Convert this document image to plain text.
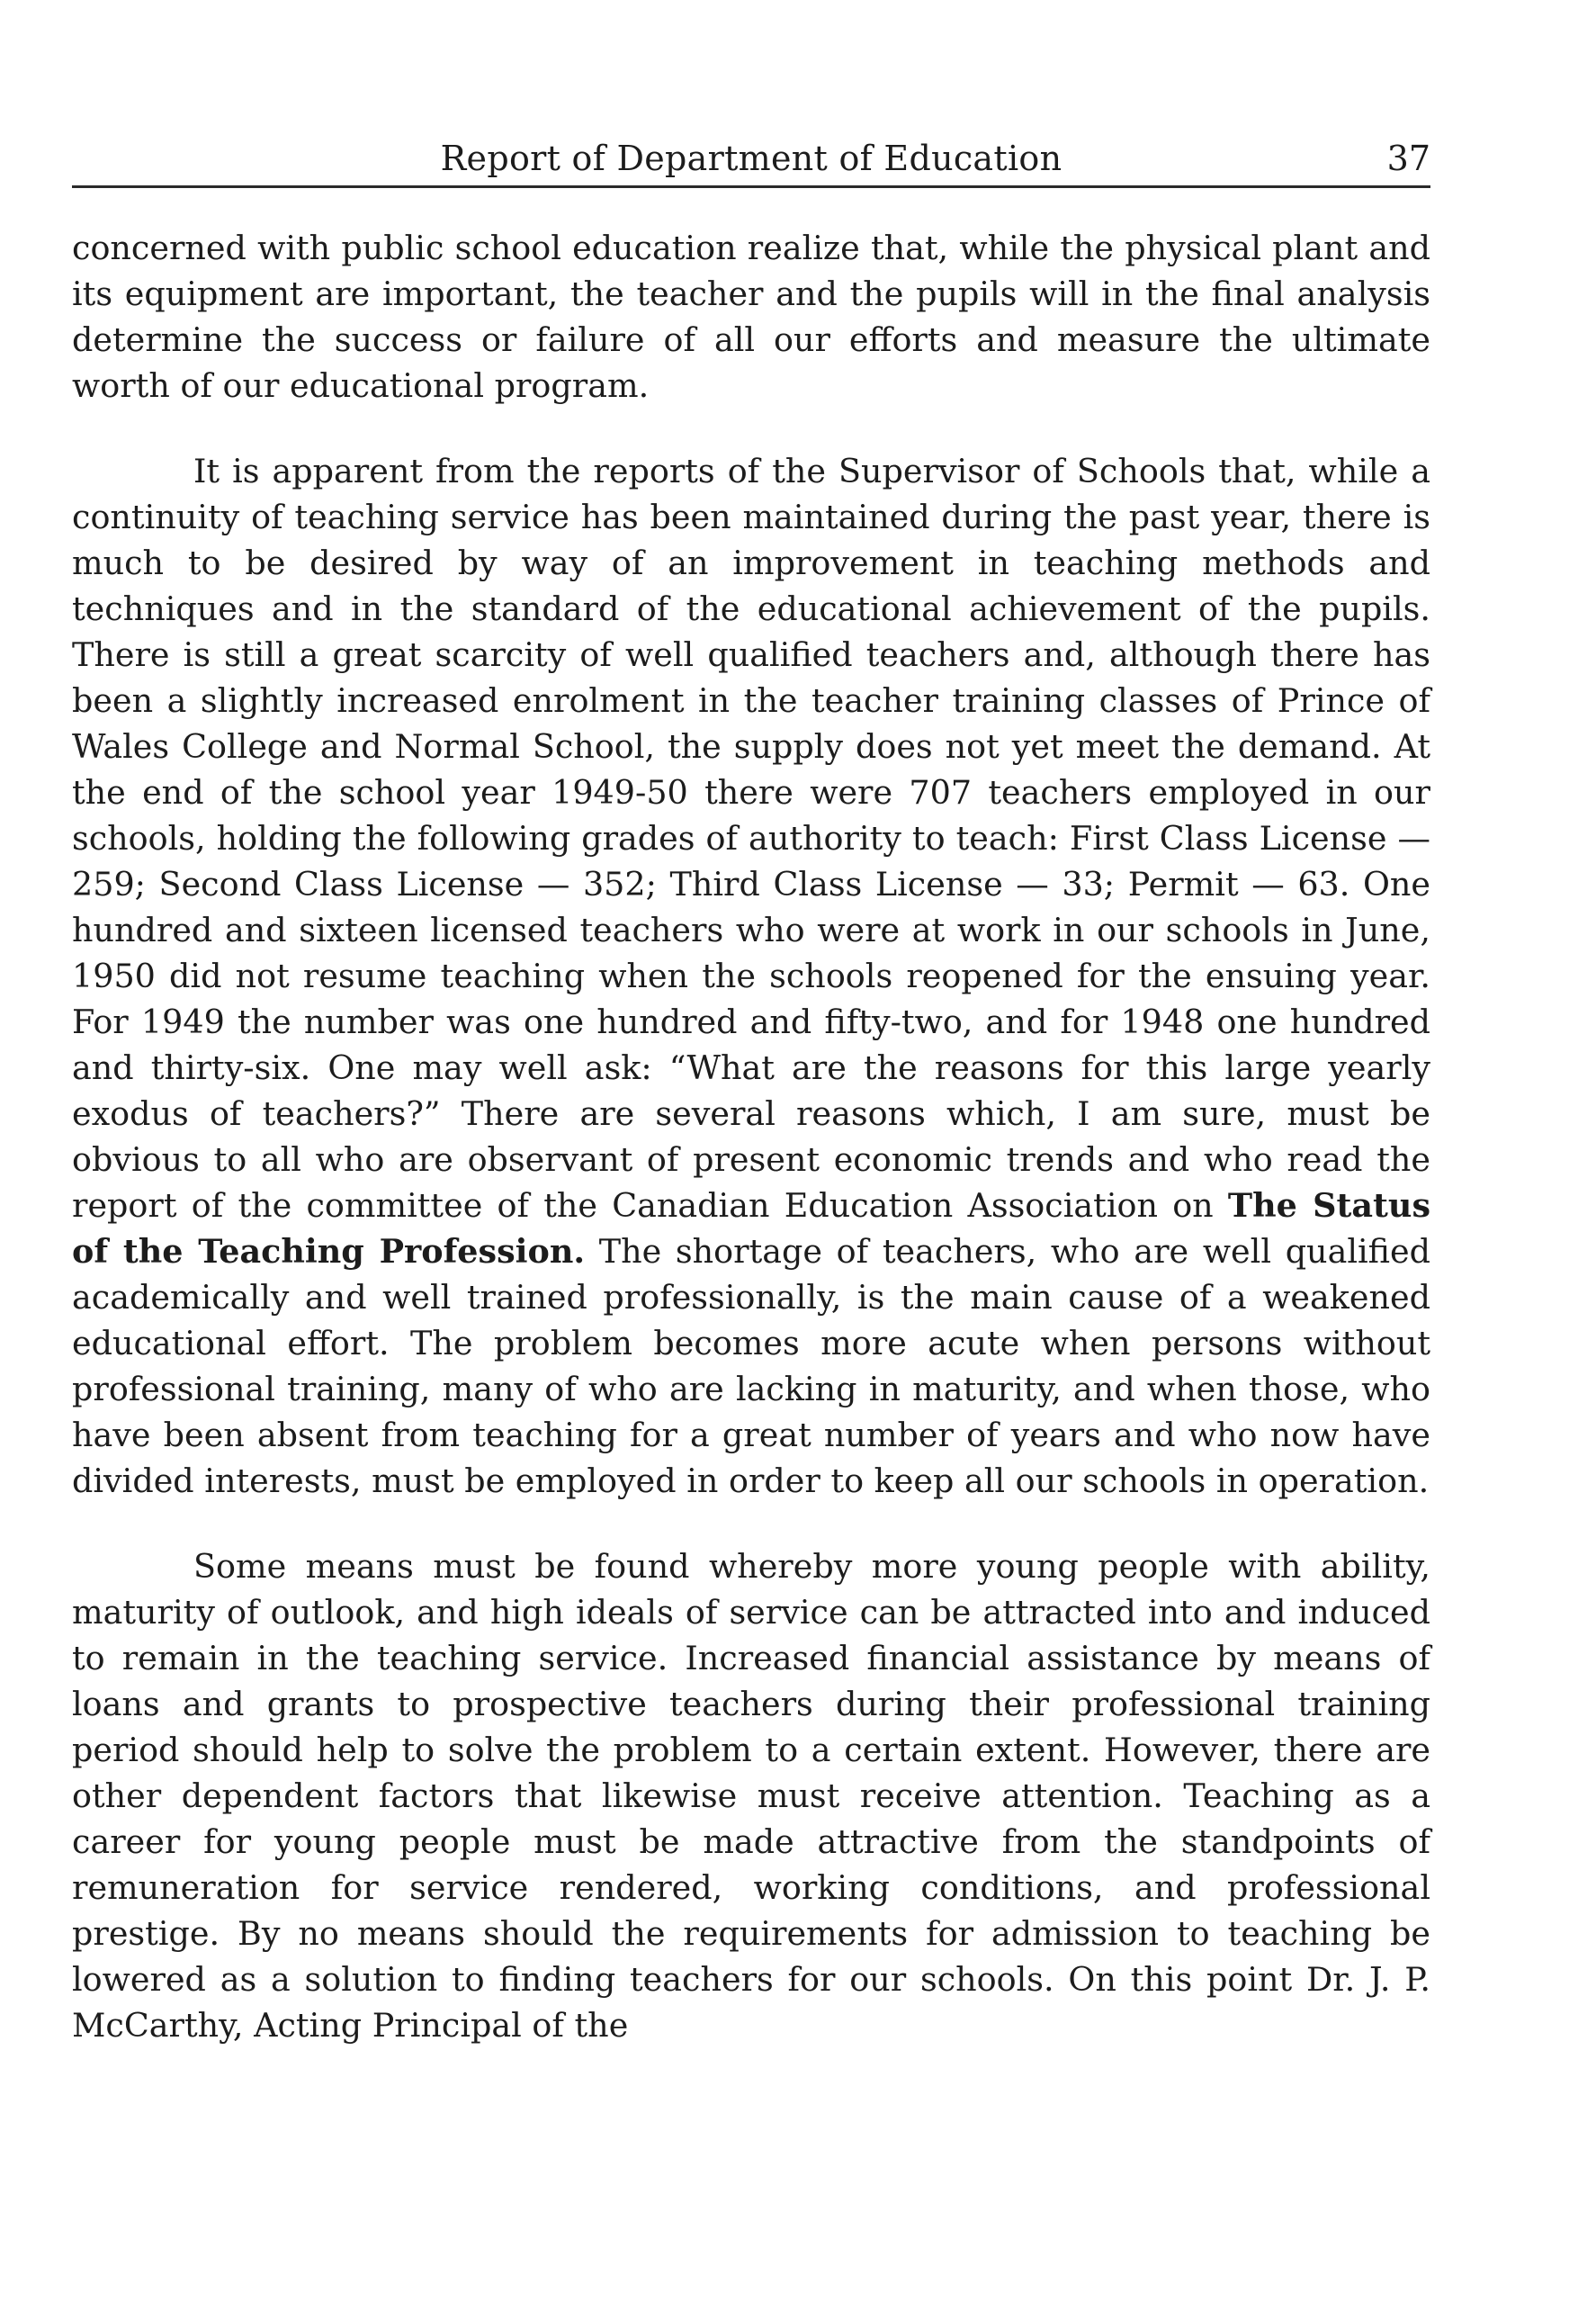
Report of Department of Education	37

concerned with public school education realize that, while the physical plant and its equipment are important, the teacher and the pupils will in the final analysis determine the success or failure of all our efforts and measure the ultimate worth of our educational program.

It is apparent from the reports of the Supervisor of Schools that, while a continuity of teaching service has been maintained during the past year, there is much to be desired by way of an improvement in teaching methods and techniques and in the standard of the educational achievement of the pupils. There is still a great scarcity of well qualified teachers and, although there has been a slightly increased enrolment in the teacher training classes of Prince of Wales College and Normal School, the supply does not yet meet the demand. At the end of the school year 1949-50 there were 707 teachers employed in our schools, holding the following grades of authority to teach: First Class License — 259; Second Class License — 352; Third Class License — 33; Permit — 63. One hundred and sixteen licensed teachers who were at work in our schools in June, 1950 did not resume teaching when the schools reopened for the ensuing year. For 1949 the number was one hundred and fifty-two, and for 1948 one hundred and thirty-six. One may well ask: “What are the reasons for this large yearly exodus of teachers?” There are several reasons which, I am sure, must be obvious to all who are observant of present economic trends and who read the report of the committee of the Canadian Education Association on The Status of the Teaching Profession. The shortage of teachers, who are well qualified academically and well trained professionally, is the main cause of a weakened educational effort. The problem becomes more acute when persons without professional training, many of who are lacking in maturity, and when those, who have been absent from teaching for a great number of years and who now have divided interests, must be employed in order to keep all our schools in operation.

Some means must be found whereby more young people with ability, maturity of outlook, and high ideals of service can be attracted into and induced to remain in the teaching service. Increased financial assistance by means of loans and grants to prospective teachers during their professional training period should help to solve the problem to a certain extent. However, there are other dependent factors that likewise must receive attention. Teaching as a career for young people must be made attractive from the standpoints of remuneration for service rendered, working conditions, and professional prestige. By no means should the requirements for admission to teaching be lowered as a solution to finding teachers for our schools. On this point Dr. J. P. McCarthy, Acting Principal of the
